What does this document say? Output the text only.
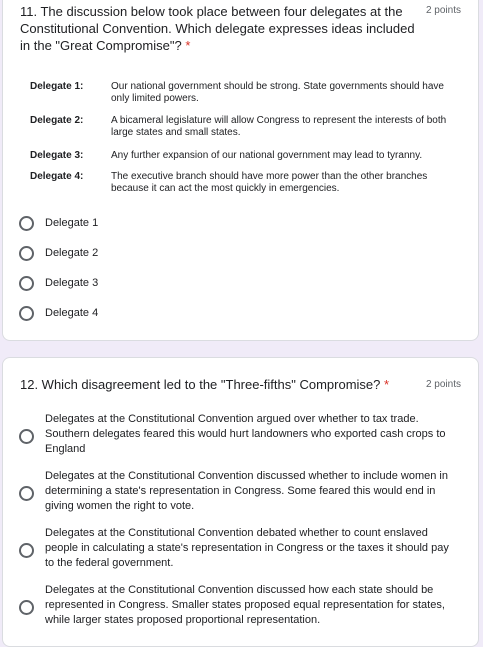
11. The discussion below took place between four delegates at the Constitutional Convention. Which delegate expresses ideas included in the "Great Compromise"? *
2 points
Delegate 1:	Our national government should be strong. State governments should have only limited powers.
Delegate 2:	A bicameral legislature will allow Congress to represent the interests of both large states and small states.
Delegate 3:	Any further expansion of our national government may lead to tyranny.
Delegate 4:	The executive branch should have more power than the other branches because it can act the most quickly in emergencies.
Delegate 1
Delegate 2
Delegate 3
Delegate 4
12. Which disagreement led to the "Three-fifths" Compromise? *	2 points
Delegates at the Constitutional Convention argued over whether to tax trade. Southern delegates feared this would hurt landowners who exported cash crops to England
Delegates at the Constitutional Convention discussed whether to include women in determining a state's representation in Congress. Some feared this would end in giving women the right to vote.
Delegates at the Constitutional Convention debated whether to count enslaved people in calculating a state's representation in Congress or the taxes it should pay to the federal government.
Delegates at the Constitutional Convention discussed how each state should be represented in Congress. Smaller states proposed equal representation for states, while larger states proposed proportional representation.
